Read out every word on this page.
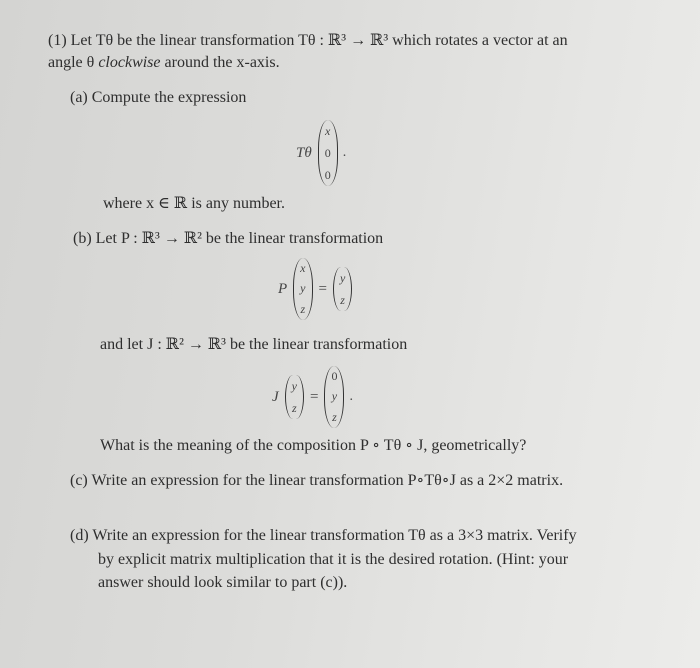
(1) Let Tθ be the linear transformation Tθ : ℝ³ → ℝ³ which rotates a vector at an
angle θ clockwise around the x-axis.
(a) Compute the expression
Tθ
x
0
0
.
where x ∈ ℝ is any number.
(b) Let P : ℝ³ → ℝ² be the linear transformation
P
x
y
z
=
y
z
and let J : ℝ² → ℝ³ be the linear transformation
J
y
z
=
0
y
z
.
What is the meaning of the composition P ∘ Tθ ∘ J, geometrically?
(c) Write an expression for the linear transformation P∘Tθ∘J as a 2×2 matrix.
(d) Write an expression for the linear transformation Tθ as a 3×3 matrix. Verify
by explicit matrix multiplication that it is the desired rotation. (Hint: your
answer should look similar to part (c)).
